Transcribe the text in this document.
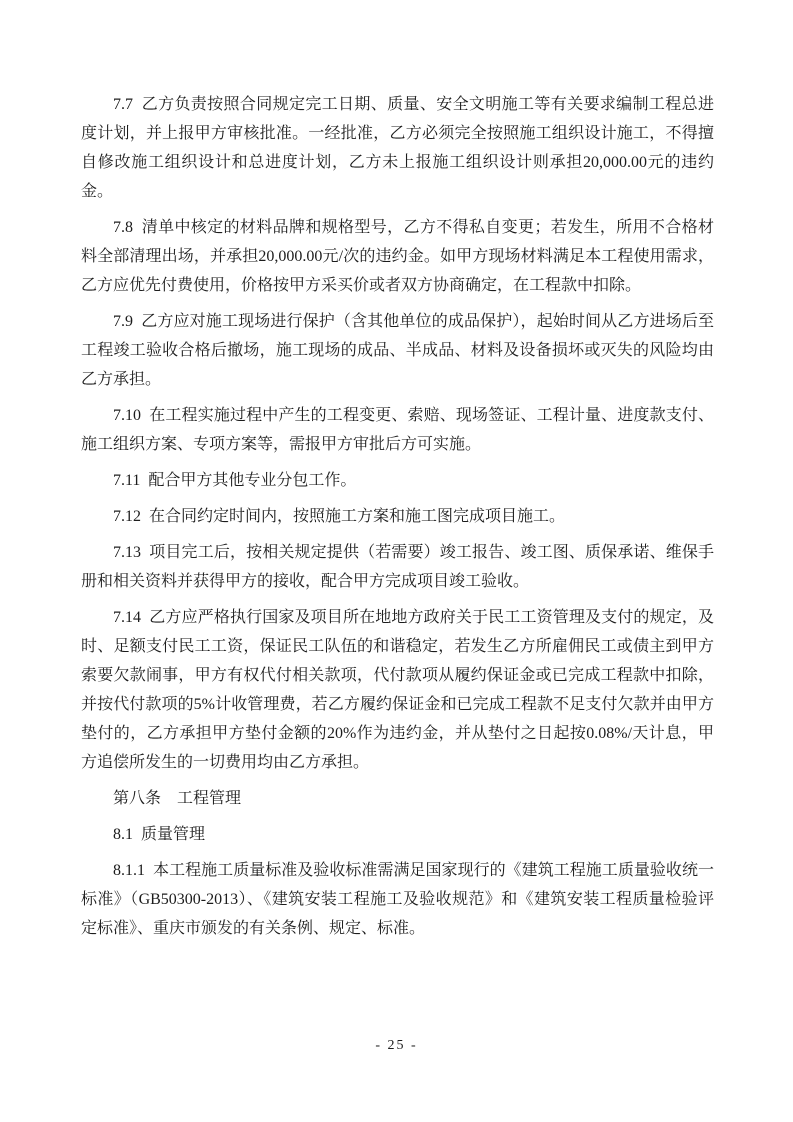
7.7  乙方负责按照合同规定完工日期、质量、安全文明施工等有关要求编制工程总进度计划，并上报甲方审核批准。一经批准，乙方必须完全按照施工组织设计施工，不得擅自修改施工组织设计和总进度计划，乙方未上报施工组织设计则承担20,000.00元的违约金。

7.8  清单中核定的材料品牌和规格型号，乙方不得私自变更；若发生，所用不合格材料全部清理出场，并承担20,000.00元/次的违约金。如甲方现场材料满足本工程使用需求，乙方应优先付费使用，价格按甲方采买价或者双方协商确定，在工程款中扣除。

7.9  乙方应对施工现场进行保护（含其他单位的成品保护），起始时间从乙方进场后至工程竣工验收合格后撤场，施工现场的成品、半成品、材料及设备损坏或灭失的风险均由乙方承担。

7.10  在工程实施过程中产生的工程变更、索赔、现场签证、工程计量、进度款支付、施工组织方案、专项方案等，需报甲方审批后方可实施。

7.11  配合甲方其他专业分包工作。

7.12  在合同约定时间内，按照施工方案和施工图完成项目施工。

7.13  项目完工后，按相关规定提供（若需要）竣工报告、竣工图、质保承诺、维保手册和相关资料并获得甲方的接收，配合甲方完成项目竣工验收。

7.14  乙方应严格执行国家及项目所在地地方政府关于民工工资管理及支付的规定，及时、足额支付民工工资，保证民工队伍的和谐稳定，若发生乙方所雇佣民工或债主到甲方索要欠款闹事，甲方有权代付相关款项，代付款项从履约保证金或已完成工程款中扣除，并按代付款项的5%计收管理费，若乙方履约保证金和已完成工程款不足支付欠款并由甲方垫付的，乙方承担甲方垫付金额的20%作为违约金，并从垫付之日起按0.08%/天计息，甲方追偿所发生的一切费用均由乙方承担。

第八条　工程管理

8.1  质量管理

8.1.1  本工程施工质量标准及验收标准需满足国家现行的《建筑工程施工质量验收统一标准》（GB50300-2013）、《建筑安装工程施工及验收规范》和《建筑安装工程质量检验评定标准》、重庆市颁发的有关条例、规定、标准。

- 25 -
